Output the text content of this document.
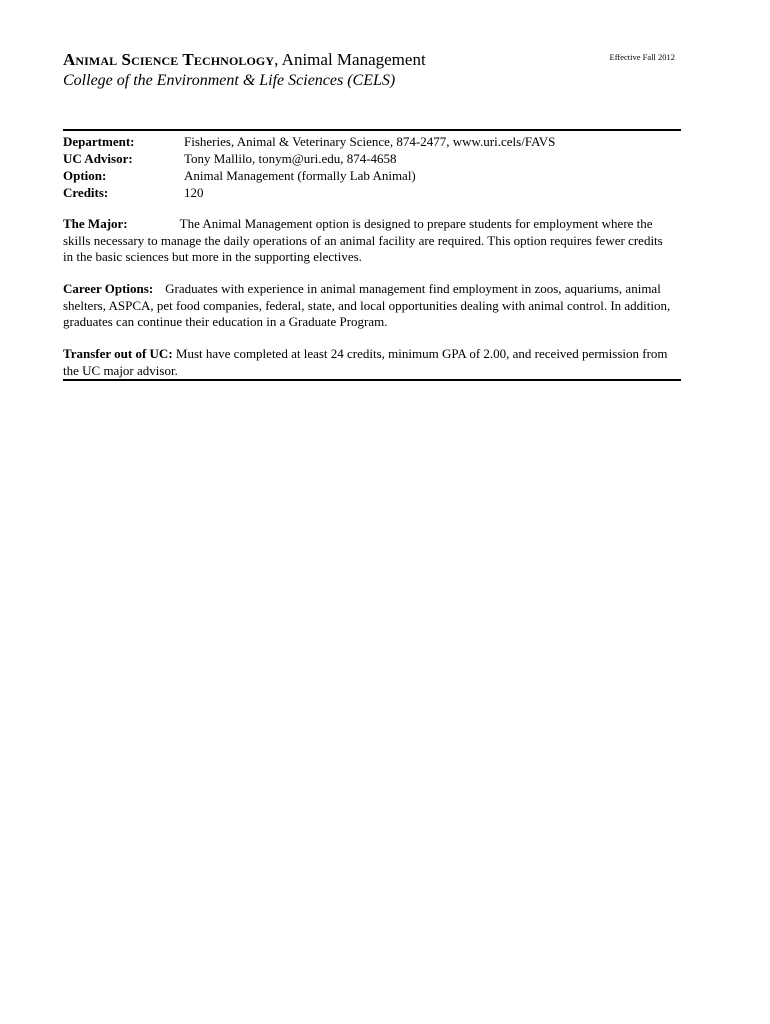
Animal Science Technology, Animal Management	Effective Fall 2012
College of the Environment & Life Sciences (CELS)
Department:	Fisheries, Animal & Veterinary Science, 874-2477, www.uri.cels/FAVS
UC Advisor:	Tony Mallilo, tonym@uri.edu, 874-4658
Option:	Animal Management (formally Lab Animal)
Credits:	120
The Major:	The Animal Management option is designed to prepare students for employment where the skills necessary to manage the daily operations of an animal facility are required. This option requires fewer credits in the basic sciences but more in the supporting electives.
Career Options: Graduates with experience in animal management find employment in zoos, aquariums, animal shelters, ASPCA, pet food companies, federal, state, and local opportunities dealing with animal control. In addition, graduates can continue their education in a Graduate Program.
Transfer out of UC: Must have completed at least 24 credits, minimum GPA of 2.00, and received permission from the UC major advisor.
